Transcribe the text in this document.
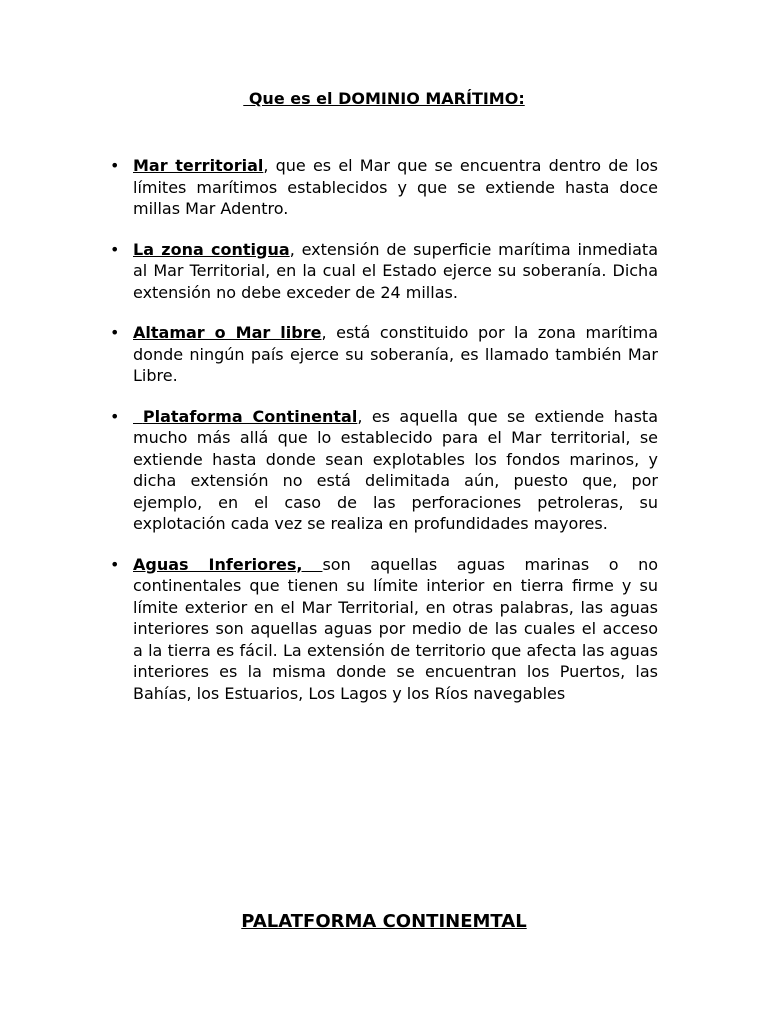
Que es el DOMINIO MARÍTIMO:
• Mar territorial, que es el Mar que se encuentra dentro de los límites marítimos establecidos y que se extiende hasta doce millas Mar Adentro.
• La zona contigua, extensión de superficie marítima inmediata al Mar Territorial, en la cual el Estado ejerce su soberanía. Dicha extensión no debe exceder de 24 millas.
• Altamar o Mar libre, está constituido por la zona marítima donde ningún país ejerce su soberanía, es llamado también Mar Libre.
• Plataforma Continental, es aquella que se extiende hasta mucho más allá que lo establecido para el Mar territorial, se extiende hasta donde sean explotables los fondos marinos, y dicha extensión no está delimitada aún, puesto que, por ejemplo, en el caso de las perforaciones petroleras, su explotación cada vez se realiza en profundidades mayores.
• Aguas Inferiores, son aquellas aguas marinas o no continentales que tienen su límite interior en tierra firme y su límite exterior en el Mar Territorial, en otras palabras, las aguas interiores son aquellas aguas por medio de las cuales el acceso a la tierra es fácil. La extensión de territorio que afecta las aguas interiores es la misma donde se encuentran los Puertos, las Bahías, los Estuarios, Los Lagos y los Ríos navegables
PALATFORMA CONTINEMTAL
